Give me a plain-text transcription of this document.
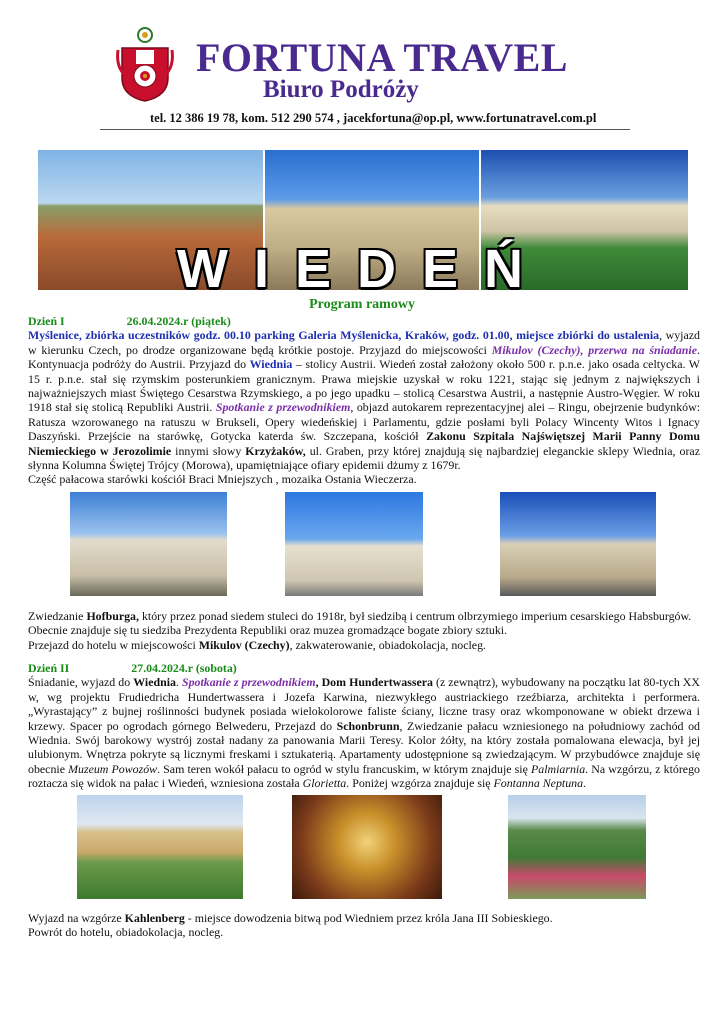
FORTUNA TRAVEL
Biuro Podróży
tel. 12 386 19 78, kom. 512 290 574 , jacekfortuna@op.pl, www.fortunatravel.com.pl
WIEDEŃ
Program ramowy

Dzień I	26.04.2024.r (piątek)

Myślenice, zbiórka uczestników godz. 00.10 parking Galeria Myślenicka, Kraków, godz. 01.00, miejsce zbiórki do ustalenia, wyjazd w kierunku Czech, po drodze organizowane będą krótkie postoje. Przyjazd do miejscowości Mikulov (Czechy), przerwa na śniadanie. Kontynuacja podróży do Austrii. Przyjazd do Wiednia – stolicy Austrii. Wiedeń został założony około 500 r. p.n.e. jako osada celtycka. W 15 r. p.n.e. stał się rzymskim posterunkiem granicznym. Prawa miejskie uzyskał w roku 1221, stając się jednym z największych i najważniejszych miast Świętego Cesarstwa Rzymskiego, a po jego upadku – stolicą Cesarstwa Austrii, a następnie Austro-Węgier. W roku 1918 stał się stolicą Republiki Austrii. Spotkanie z przewodnikiem, objazd autokarem reprezentacyjnej alei – Ringu, obejrzenie budynków: Ratusza wzorowanego na ratuszu w Brukseli, Opery wiedeńskiej i Parlamentu, gdzie posłami byli Polacy Wincenty Witos i Ignacy Daszyński. Przejście na starówkę, Gotycka katerda św. Szczepana, kościół Zakonu Szpitala Najświętszej Marii Panny Domu Niemieckiego w Jerozolimie innymi słowy Krzyżaków, ul. Graben, przy której znajdują się najbardziej eleganckie sklepy Wiednia, oraz słynna Kolumna Świętej Trójcy (Morowa), upamiętniające ofiary epidemii dżumy z 1679r.

Część pałacowa starówki kościół Braci Mniejszych , mozaika Ostania Wieczerza.

Zwiedzanie Hofburga, który przez ponad siedem stuleci do 1918r, był siedzibą i centrum olbrzymiego imperium cesarskiego Habsburgów. Obecnie znajduje się tu siedziba Prezydenta Republiki oraz muzea gromadzące bogate zbiory sztuki.

Przejazd do hotelu w miejscowości Mikulov (Czechy), zakwaterowanie, obiadokolacja, nocleg.

Dzień II	27.04.2024.r (sobota)

Śniadanie, wyjazd do Wiednia. Spotkanie z przewodnikiem, Dom Hundertwassera (z zewnątrz), wybudowany na początku lat 80-tych XX w, wg projektu Frudiedricha Hundertwassera i Jozefa Karwina, niezwykłego austriackiego rzeźbiarza, architekta i performera. „Wyrastający” z bujnej roślinności budynek posiada wielokolorowe faliste ściany, liczne trasy oraz wkomponowane w obiekt drzewa i krzewy. Spacer po ogrodach górnego Belwederu, Przejazd do Schonbrunn, Zwiedzanie pałacu wzniesionego na południowy zachód od Wiednia. Swój barokowy wystrój został nadany za panowania Marii Teresy. Kolor żółty, na który została pomalowana elewacja, był jej ulubionym. Wnętrza pokryte są licznymi freskami i sztukaterią. Apartamenty udostępnione są zwiedzającym. W przybudówce znajduje się obecnie Muzeum Powozów. Sam teren wokół pałacu to ogród w stylu francuskim, w którym znajduje się Palmiarnia. Na wzgórzu, z którego roztacza się widok na pałac i Wiedeń, wzniesiona została Glorietta. Poniżej wzgórza znajduje się Fontanna Neptuna.

Wyjazd na wzgórze Kahlenberg - miejsce dowodzenia bitwą pod Wiedniem przez króla Jana III Sobieskiego.

Powrót do hotelu, obiadokolacja, nocleg.
